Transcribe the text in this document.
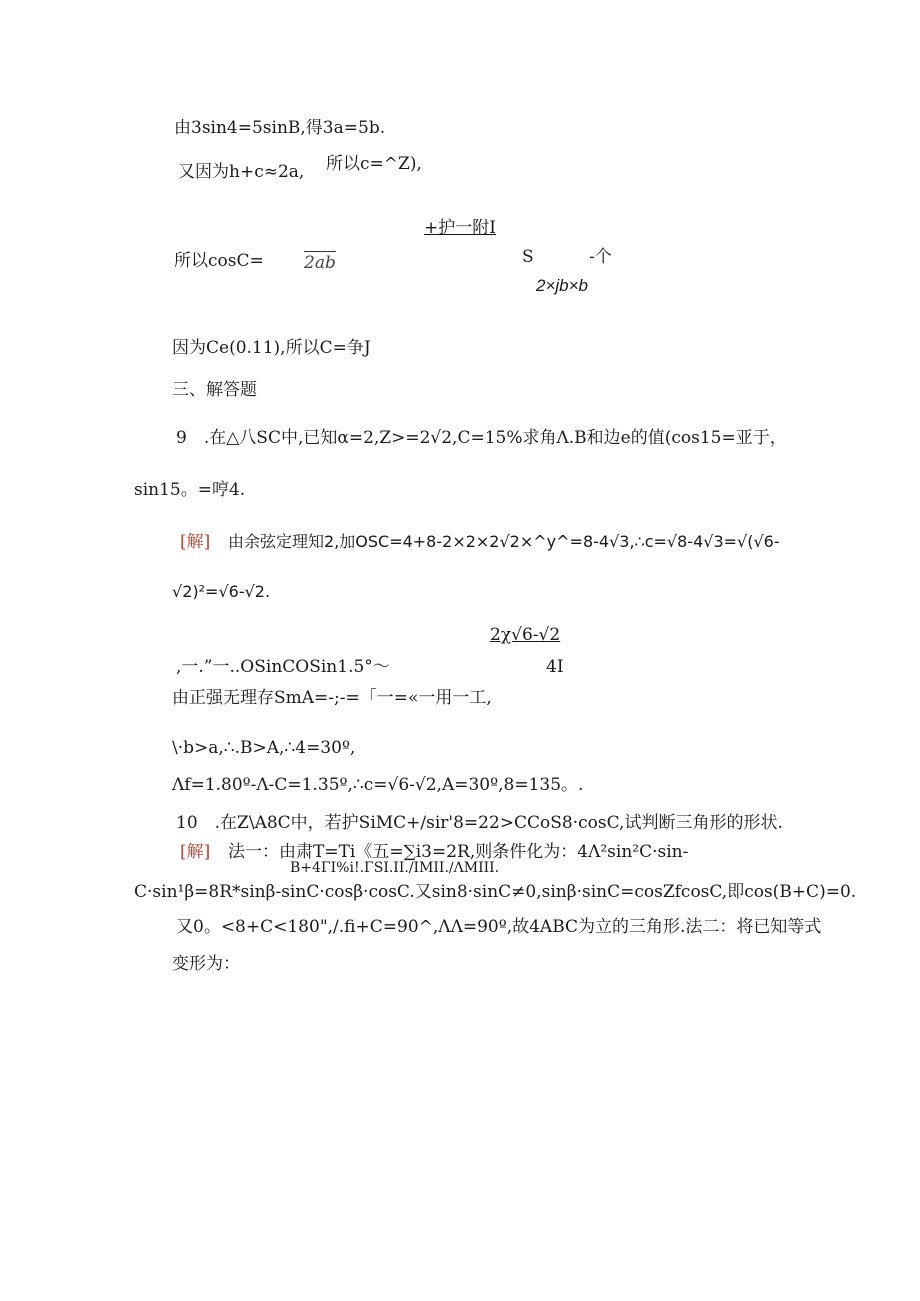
由3sin4=5sinB,得3a=5b.
又因为h+c≈2a, 所以c=^Z),
+护一附Ⅰ
所以cosC= 2ab	S	-个
2×jb×b
因为Ce(0.11),所以C=争J
三、解答题
9　.在△八SC中,已知α=2,Z>=2√2,C=15%求角Λ.B和边e的值(cos15=亚于，
sin15。=哼4.
[解] 由余弦定理知2,加OSC=4+8-2×2×2√2×^y^=8-4√3,∴c=√8-4√3=√(√6-
√2)²=√6-√2.
2χ√6-√2
,一.”一..OSinCOSin1.5°～	4I
由正强无理存SmA=-;-=「一=«一用一工,
\·b>a,∴.B>A,∴4=30º,
Λf=1.80º-Λ-C=1.35º,∴c=√6-√2,A=30º,8=135。.
10　.在Z\A8C中，若护SiMC+∕sir'8=22>CCoS8·cosC,试判断三角形的形状.
[解] 法一：由肃T=Ti《五=∑i3=2R,则条件化为：4Λ²sin²C·sin-
B+4ΓI%i!.ΓSI.II./IMII.∕ΛΜIII.
C·sin¹β=8R*sinβ-sinC·cosβ·cosC.又sin8·sinC≠0,sinβ·sinC=cosZfcosC,即cos(B+C)=0.
又0。<8+C<180",∕.fi+C=90^,ΛΛ=90º,故4ABC为立的三角形.法二：将已知等式
变形为：
